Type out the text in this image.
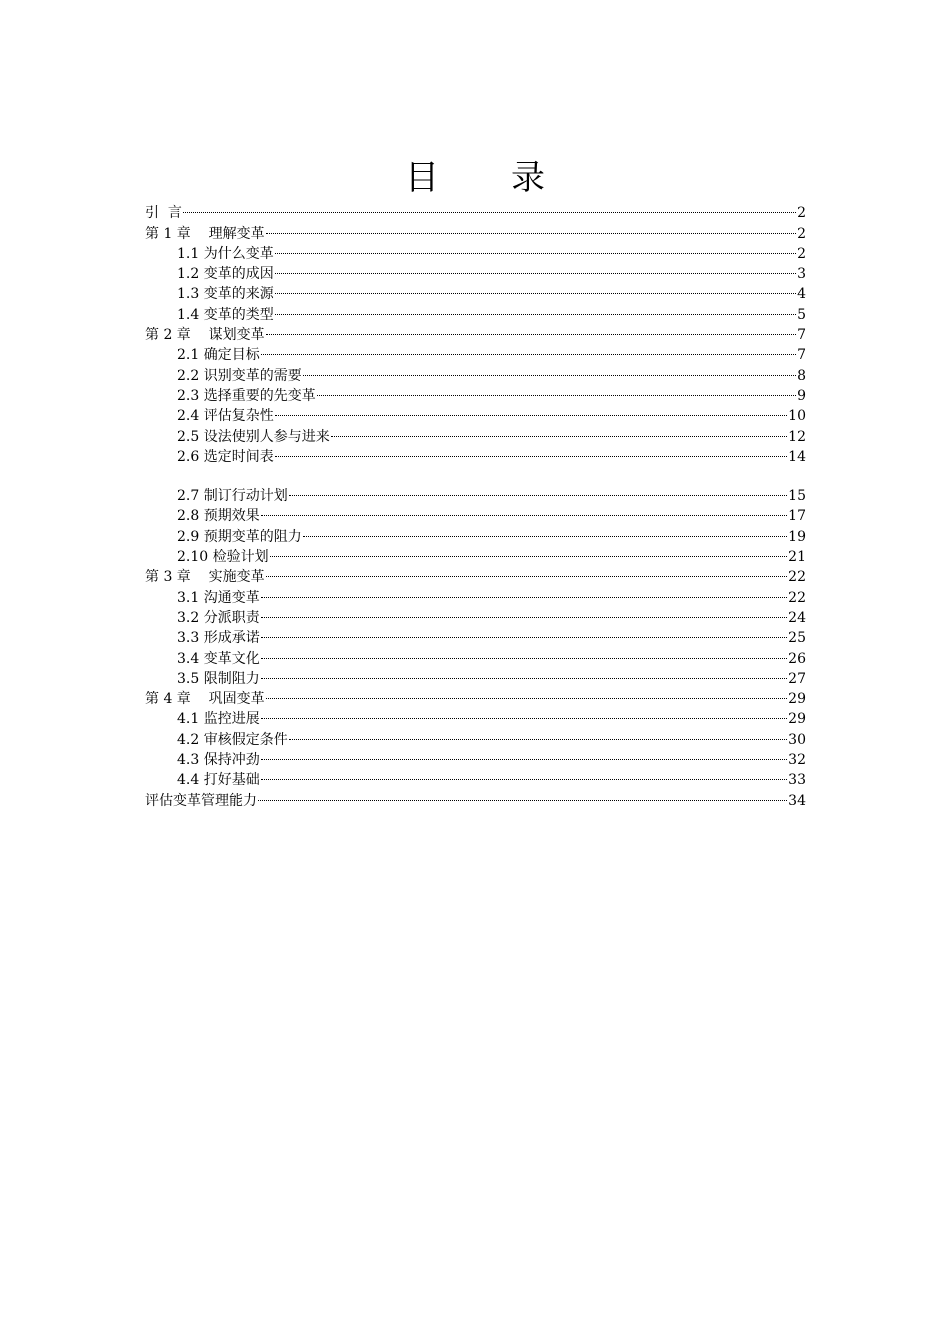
目 录
引  言	2
第 1 章    理解变革	2
1.1 为什么变革	2
1.2 变革的成因	3
1.3 变革的来源	4
1.4 变革的类型	5
第 2 章    谋划变革	7
2.1 确定目标	7
2.2 识别变革的需要	8
2.3 选择重要的先变革	9
2.4 评估复杂性	10
2.5 设法使别人参与进来	12
2.6 选定时间表	14
2.7 制订行动计划	15
2.8 预期效果	17
2.9 预期变革的阻力	19
2.10 检验计划	21
第 3 章    实施变革	22
3.1 沟通变革	22
3.2 分派职责	24
3.3 形成承诺	25
3.4 变革文化	26
3.5 限制阻力	27
第 4 章    巩固变革	29
4.1 监控进展	29
4.2 审核假定条件	30
4.3 保持冲劲	32
4.4 打好基础	33
评估变革管理能力	34
